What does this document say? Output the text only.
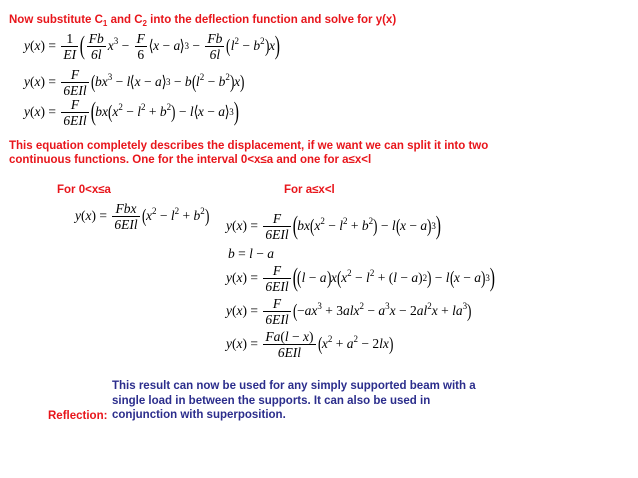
Now substitute $C_1$ and $C_2$ into the deflection function and solve for y(x)
y ( x ) = $\frac{1}{EI}$ ( $\frac{Fb}{6l} x^3 - \frac{F}{6}$ ⟨ x − a ⟩ $3 - \frac{Fb}{6l}$ ( $l^2 - b^2$ ) x )
y ( x ) = $\frac{F}{\text{6EIl}}$ ( $bx^3 - l$ ⟨ x − a ⟩ 3 − b ( $l^2 - b^2$ ) x )
y ( x ) = $\frac{F}{\text{6EIl}}$ ( bx ( $x^2 - l^2 + b^2$ ) − l ⟨ x − a ⟩ 3 )
This equation completely describes the displacement, if we want we can split it into two
continuous functions. One for the interval 0<x≤a and one for a≤x<l
For 0<x≤a
y ( x ) = $\frac{\text{Fbx}}{\text{6EIl}}$ ( $x^2 - l^2 + b^2$ )
For a≤x<l
y ( x ) = $\frac{F}{\text{6EIl}}$ ( bx ( $x^2 - l^2 + b^2$ ) − l ( x − a ) 3 )
b = l − a
y ( x ) = $\frac{F}{\text{6EIl}}$ ( ( l − a ) x ( $x^2 - l^2$ + ( l − a ) 2 ) − l ( x − a ) 3 )
y ( x ) = $\frac{F}{\text{6EIl}}$ ( − $ax^3 + 3$ $alx^2 - a^3x - 2$ $al^2x + la^3$ )
y ( x ) = $\frac{Fa(l - x)}{\text{6EIl}}$ ( $x^2 + a^2 - 2$ lx )
This result can now be used for any simply supported beam with a
single load in between the supports. It can also be used in
conjunction with superposition.
Reflection:
